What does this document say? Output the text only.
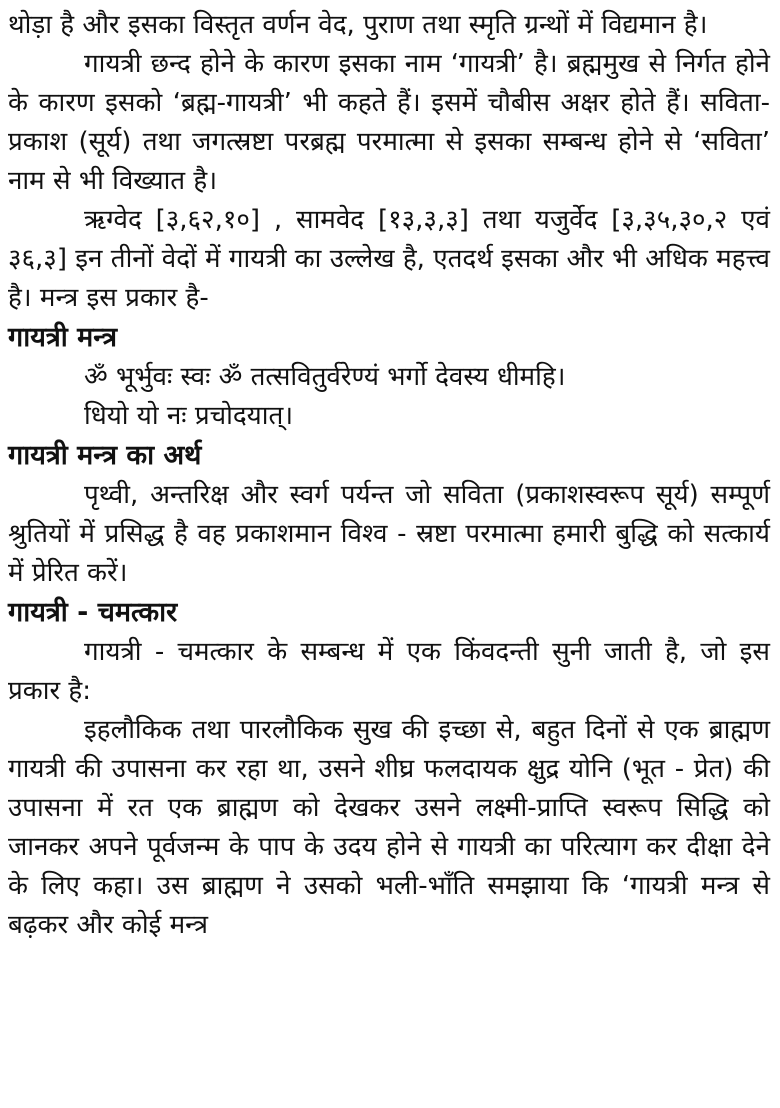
थोड़ा है और इसका विस्तृत वर्णन वेद, पुराण तथा स्मृति ग्रन्थों में विद्यमान है।

गायत्री छन्द होने के कारण इसका नाम ‘गायत्री’ है। ब्रह्ममुख से निर्गत होने के कारण इसको ‘ब्रह्म-गायत्री’ भी कहते हैं। इसमें चौबीस अक्षर होते हैं। सविता-प्रकाश (सूर्य) तथा जगत्स्रष्टा परब्रह्म परमात्मा से इसका सम्बन्ध होने से ‘सविता’ नाम से भी विख्यात है।

ऋग्वेद [३,६२,१०] , सामवेद [१३,३,३] तथा यजुर्वेद [३,३५,३०,२ एवं ३६,३] इन तीनों वेदों में गायत्री का उल्लेख है, एतदर्थ इसका और भी अधिक महत्त्व है। मन्त्र इस प्रकार है-

गायत्री मन्त्र

ॐ भूर्भुवः स्वः ॐ तत्सवितुर्वरेण्यं भर्गो देवस्य धीमहि।

धियो यो नः प्रचोदयात्।

गायत्री मन्त्र का अर्थ

पृथ्वी, अन्तरिक्ष और स्वर्ग पर्यन्त जो सविता (प्रकाशस्वरूप सूर्य) सम्पूर्ण श्रुतियों में प्रसिद्ध है वह प्रकाशमान विश्व - स्रष्टा परमात्मा हमारी बुद्धि को सत्कार्य में प्रेरित करें।

गायत्री - चमत्कार

गायत्री - चमत्कार के सम्बन्ध में एक किंवदन्ती सुनी जाती है, जो इस प्रकार है:

इहलौकिक तथा पारलौकिक सुख की इच्छा से, बहुत दिनों से एक ब्राह्मण गायत्री की उपासना कर रहा था, उसने शीघ्र फलदायक क्षुद्र योनि (भूत - प्रेत) की उपासना में रत एक ब्राह्मण को देखकर उसने लक्ष्मी-प्राप्ति स्वरूप सिद्धि को जानकर अपने पूर्वजन्म के पाप के उदय होने से गायत्री का परित्याग कर दीक्षा देने के लिए कहा। उस ब्राह्मण ने उसको भली-भाँति समझाया कि ‘गायत्री मन्त्र से बढ़कर और कोई मन्त्र
